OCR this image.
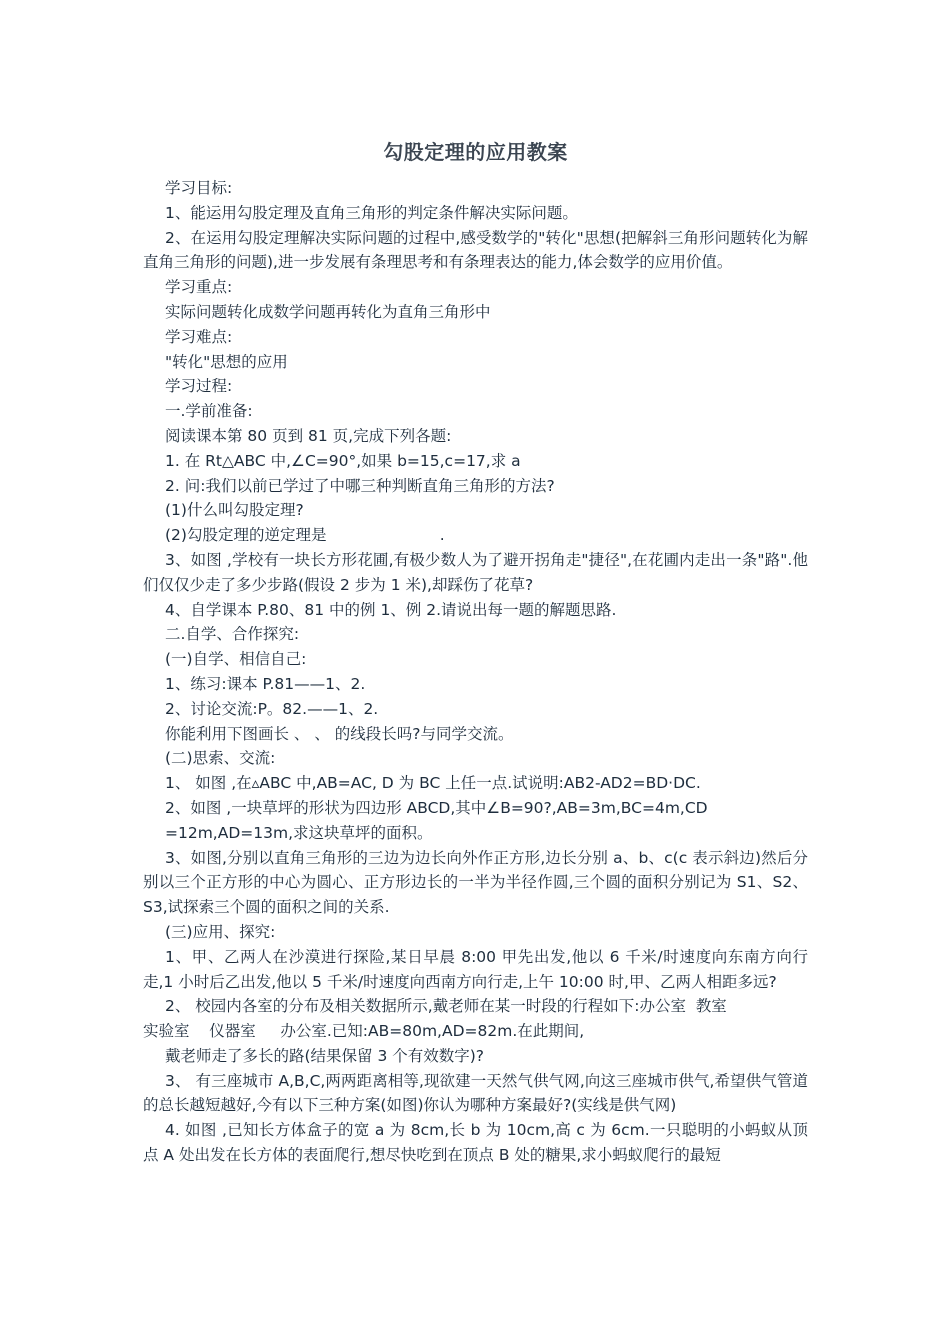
勾股定理的应用教案

学习目标:

1、能运用勾股定理及直角三角形的判定条件解决实际问题。

2、在运用勾股定理解决实际问题的过程中,感受数学的"转化"思想(把解斜三角形问题转化为解直角三角形的问题),进一步发展有条理思考和有条理表达的能力,体会数学的应用价值。

学习重点:

实际问题转化成数学问题再转化为直角三角形中

学习难点:

"转化"思想的应用

学习过程:

一.学前准备:

阅读课本第 80 页到 81 页,完成下列各题:

1. 在 Rt△ABC 中,∠C=90°,如果 b=15,c=17,求 a

2. 问:我们以前已学过了中哪三种判断直角三角形的方法?

(1)什么叫勾股定理?

(2)勾股定理的逆定理是                       .

3、如图 ,学校有一块长方形花圃,有极少数人为了避开拐角走"捷径",在花圃内走出一条"路".他们仅仅少走了多少步路(假设 2 步为 1 米),却踩伤了花草?

4、自学课本 P.80、81 中的例 1、例 2.请说出每一题的解题思路.

二.自学、合作探究:

(一)自学、相信自己:

1、练习:课本 P.81——1、2.

2、讨论交流:P。82.——1、2.

你能利用下图画长 、 、 的线段长吗?与同学交流。

(二)思索、交流:

1、 如图 ,在▵ABC 中,AB=AC, D 为 BC 上任一点.试说明:AB2-AD2=BD·DC.

2、如图 ,一块草坪的形状为四边形 ABCD,其中∠B=90?,AB=3m,BC=4m,CD

=12m,AD=13m,求这块草坪的面积。

3、如图,分别以直角三角形的三边为边长向外作正方形,边长分别 a、b、c(c 表示斜边)然后分别以三个正方形的中心为圆心、正方形边长的一半为半径作圆,三个圆的面积分别记为 S1、S2、S3,试探索三个圆的面积之间的关系.

(三)应用、探究:

1、甲、乙两人在沙漠进行探险,某日早晨 8:00 甲先出发,他以 6 千米/时速度向东南方向行走,1 小时后乙出发,他以 5 千米/时速度向西南方向行走,上午 10:00 时,甲、乙两人相距多远?

2、 校园内各室的分布及相关数据所示,戴老师在某一时段的行程如下:办公室  教室

实验室    仪器室     办公室.已知:AB=80m,AD=82m.在此期间,

戴老师走了多长的路(结果保留 3 个有效数字)?

3、 有三座城市 A,B,C,两两距离相等,现欲建一天然气供气网,向这三座城市供气,希望供气管道的总长越短越好,今有以下三种方案(如图)你认为哪种方案最好?(实线是供气网)

4. 如图 ,已知长方体盒子的宽 a 为 8cm,长 b 为 10cm,高 c 为 6cm.一只聪明的小蚂蚁从顶点 A 处出发在长方体的表面爬行,想尽快吃到在顶点 B 处的糖果,求小蚂蚁爬行的最短
